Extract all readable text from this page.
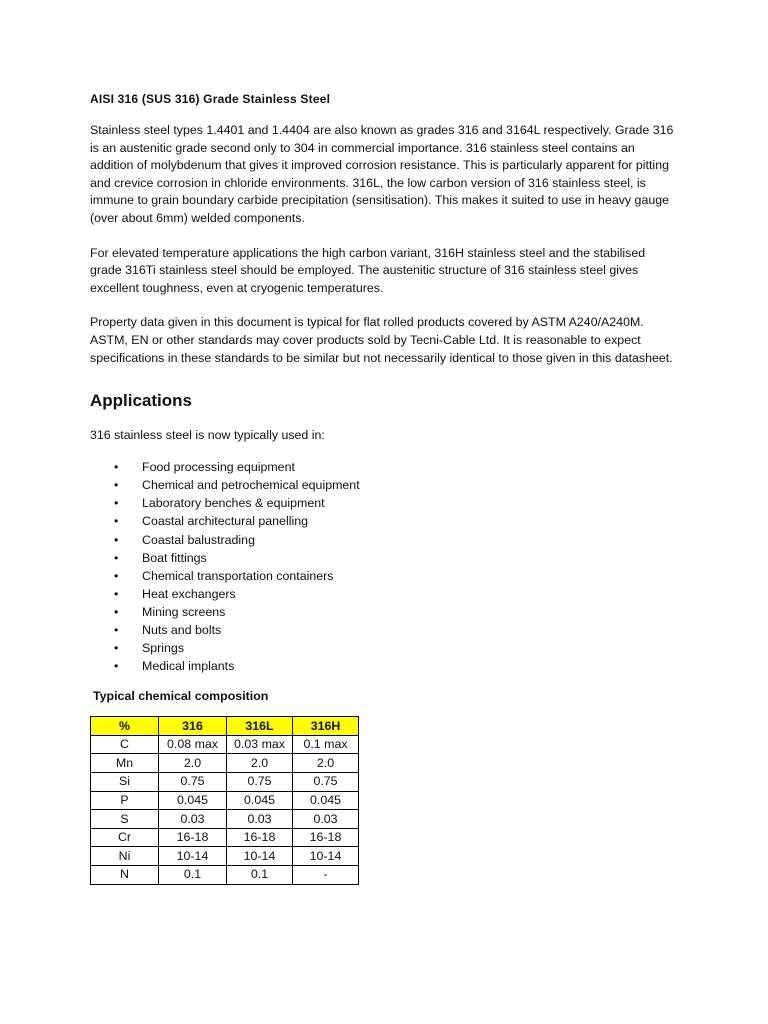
AISI 316 (SUS 316) Grade Stainless Steel

Stainless steel types 1.4401 and 1.4404 are also known as grades 316 and 3164L respectively. Grade 316 is an austenitic grade second only to 304 in commercial importance. 316 stainless steel contains an addition of molybdenum that gives it improved corrosion resistance. This is particularly apparent for pitting and crevice corrosion in chloride environments. 316L, the low carbon version of 316 stainless steel, is immune to grain boundary carbide precipitation (sensitisation). This makes it suited to use in heavy gauge (over about 6mm) welded components.

For elevated temperature applications the high carbon variant, 316H stainless steel and the stabilised grade 316Ti stainless steel should be employed. The austenitic structure of 316 stainless steel gives excellent toughness, even at cryogenic temperatures.

Property data given in this document is typical for flat rolled products covered by ASTM A240/A240M. ASTM, EN or other standards may cover products sold by Tecni-Cable Ltd. It is reasonable to expect specifications in these standards to be similar but not necessarily identical to those given in this datasheet.

Applications

316 stainless steel is now typically used in:

•	Food processing equipment
•	Chemical and petrochemical equipment
•	Laboratory benches & equipment
•	Coastal architectural panelling
•	Coastal balustrading
•	Boat fittings
•	Chemical transportation containers
•	Heat exchangers
•	Mining screens
•	Nuts and bolts
•	Springs
•	Medical implants

Typical chemical composition

%	316	316L	316H
C	0.08 max	0.03 max	0.1 max
Mn	2.0	2.0	2.0
Si	0.75	0.75	0.75
P	0.045	0.045	0.045
S	0.03	0.03	0.03
Cr	16-18	16-18	16-18
Ni	10-14	10-14	10-14
N	0.1	0.1	-
